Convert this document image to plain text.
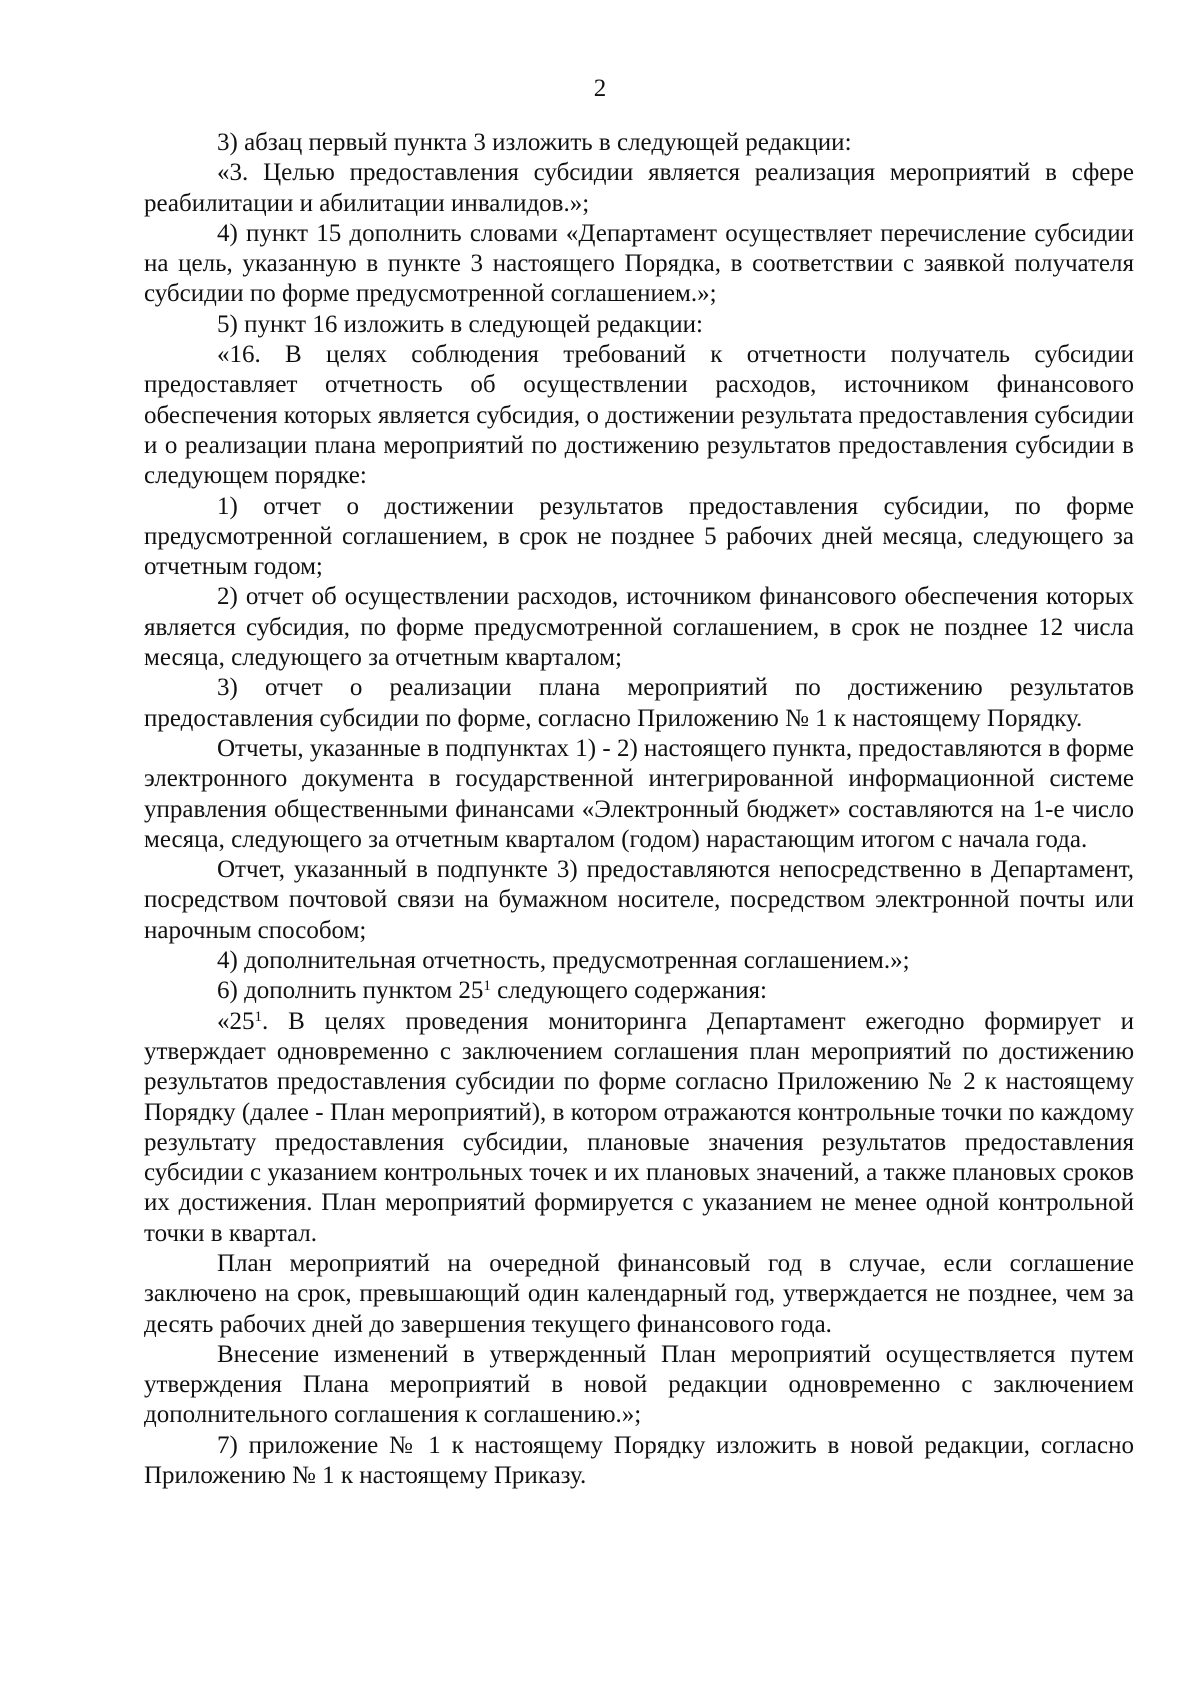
2

3) абзац первый пункта 3 изложить в следующей редакции:

«3. Целью предоставления субсидии является реализация мероприятий в сфере реабилитации и абилитации инвалидов.»;

4) пункт 15 дополнить словами «Департамент осуществляет перечисление субсидии на цель, указанную в пункте 3 настоящего Порядка, в соответствии с заявкой получателя субсидии по форме предусмотренной соглашением.»;

5) пункт 16 изложить в следующей редакции:

«16. В целях соблюдения требований к отчетности получатель субсидии предоставляет отчетность об осуществлении расходов, источником финансового обеспечения которых является субсидия, о достижении результата предоставления субсидии и о реализации плана мероприятий по достижению результатов предоставления субсидии в следующем порядке:

1) отчет о достижении результатов предоставления субсидии, по форме предусмотренной соглашением, в срок не позднее 5 рабочих дней месяца, следующего за отчетным годом;

2) отчет об осуществлении расходов, источником финансового обеспечения которых является субсидия, по форме предусмотренной соглашением, в срок не позднее 12 числа месяца, следующего за отчетным кварталом;

3) отчет о реализации плана мероприятий по достижению результатов предоставления субсидии по форме, согласно Приложению № 1 к настоящему Порядку.

Отчеты, указанные в подпунктах 1) - 2) настоящего пункта, предоставляются в форме электронного документа в государственной интегрированной информационной системе управления общественными финансами «Электронный бюджет» составляются на 1-е число месяца, следующего за отчетным кварталом (годом) нарастающим итогом с начала года.

Отчет, указанный в подпункте 3) предоставляются непосредственно в Департамент, посредством почтовой связи на бумажном носителе, посредством электронной почты или нарочным способом;

4) дополнительная отчетность, предусмотренная соглашением.»;

6) дополнить пунктом $25^1$ следующего содержания:

«$25^1$. В целях проведения мониторинга Департамент ежегодно формирует и утверждает одновременно с заключением соглашения план мероприятий по достижению результатов предоставления субсидии по форме согласно Приложению № 2 к настоящему Порядку (далее - План мероприятий), в котором отражаются контрольные точки по каждому результату предоставления субсидии, плановые значения результатов предоставления субсидии с указанием контрольных точек и их плановых значений, а также плановых сроков их достижения. План мероприятий формируется с указанием не менее одной контрольной точки в квартал.

План мероприятий на очередной финансовый год в случае, если соглашение заключено на срок, превышающий один календарный год, утверждается не позднее, чем за десять рабочих дней до завершения текущего финансового года.

Внесение изменений в утвержденный План мероприятий осуществляется путем утверждения Плана мероприятий в новой редакции одновременно с заключением дополнительного соглашения к соглашению.»;

7) приложение № 1 к настоящему Порядку изложить в новой редакции, согласно Приложению № 1 к настоящему Приказу.
